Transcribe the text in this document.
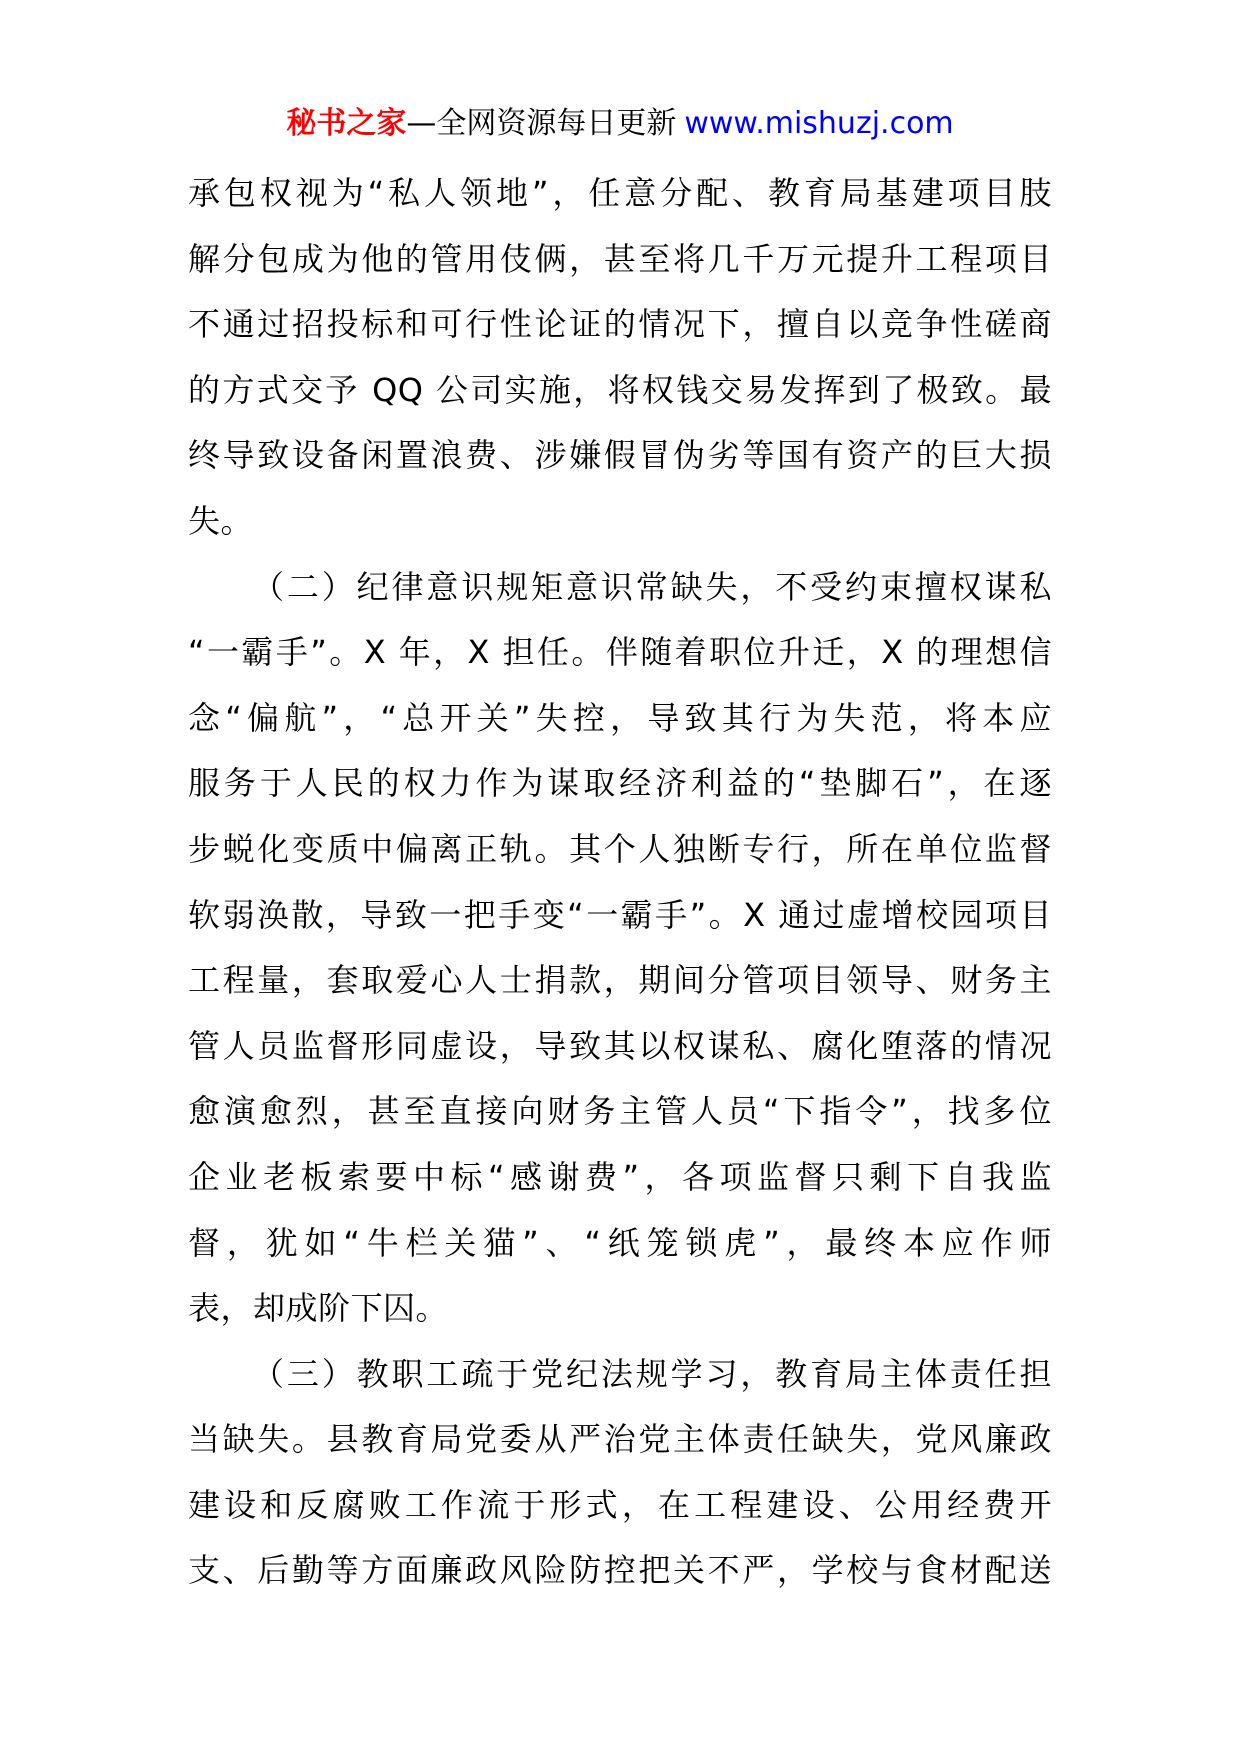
秘书之家—全网资源每日更新 www.mishuzj.com
承包权视为“私人领地”，任意分配、教育局基建项目肢
解分包成为他的管用伎俩，甚至将几千万元提升工程项目
不通过招投标和可行性论证的情况下，擅自以竞争性磋商
的方式交予 QQ 公司实施，将权钱交易发挥到了极致。最
终导致设备闲置浪费、涉嫌假冒伪劣等国有资产的巨大损
失。
（二）纪律意识规矩意识常缺失，不受约束擅权谋私
“一霸手”。X 年，X 担任。伴随着职位升迁，X 的理想信
念“偏航”，“总开关”失控，导致其行为失范，将本应
服务于人民的权力作为谋取经济利益的“垫脚石”，在逐
步蜕化变质中偏离正轨。其个人独断专行，所在单位监督
软弱涣散，导致一把手变“一霸手”。X 通过虚增校园项目
工程量，套取爱心人士捐款，期间分管项目领导、财务主
管人员监督形同虚设，导致其以权谋私、腐化堕落的情况
愈演愈烈，甚至直接向财务主管人员“下指令”，找多位
企业老板索要中标“感谢费”，各项监督只剩下自我监
督，犹如“牛栏关猫”、“纸笼锁虎”，最终本应作师
表，却成阶下囚。
（三）教职工疏于党纪法规学习，教育局主体责任担
当缺失。县教育局党委从严治党主体责任缺失，党风廉政
建设和反腐败工作流于形式，在工程建设、公用经费开
支、后勤等方面廉政风险防控把关不严，学校与食材配送
